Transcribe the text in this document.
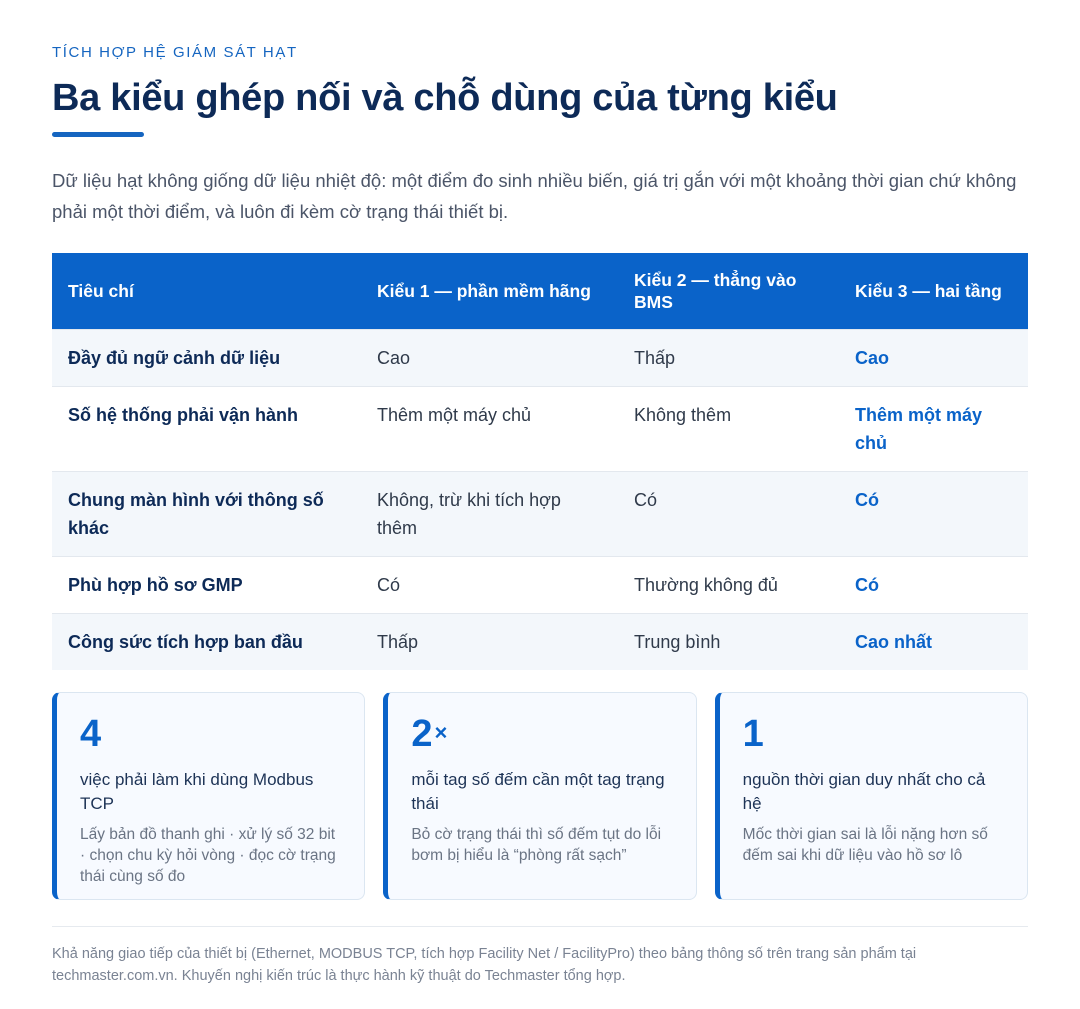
TÍCH HỢP HỆ GIÁM SÁT HẠT
Ba kiểu ghép nối và chỗ dùng của từng kiểu

Dữ liệu hạt không giống dữ liệu nhiệt độ: một điểm đo sinh nhiều biến, giá trị gắn với một khoảng thời gian chứ không phải một thời điểm, và luôn đi kèm cờ trạng thái thiết bị.

Tiêu chí	Kiểu 1 — phần mềm hãng	Kiểu 2 — thẳng vào BMS	Kiểu 3 — hai tầng
Đầy đủ ngữ cảnh dữ liệu	Cao	Thấp	Cao
Số hệ thống phải vận hành	Thêm một máy chủ	Không thêm	Thêm một máy chủ
Chung màn hình với thông số khác	Không, trừ khi tích hợp thêm	Có	Có
Phù hợp hồ sơ GMP	Có	Thường không đủ	Có
Công sức tích hợp ban đầu	Thấp	Trung bình	Cao nhất
4
việc phải làm khi dùng Modbus TCP
Lấy bản đồ thanh ghi · xử lý số 32 bit · chọn chu kỳ hỏi vòng · đọc cờ trạng thái cùng số đo
2×
mỗi tag số đếm cần một tag trạng thái
Bỏ cờ trạng thái thì số đếm tụt do lỗi bơm bị hiểu là “phòng rất sạch”
1
nguồn thời gian duy nhất cho cả hệ
Mốc thời gian sai là lỗi nặng hơn số đếm sai khi dữ liệu vào hồ sơ lô

Khả năng giao tiếp của thiết bị (Ethernet, MODBUS TCP, tích hợp Facility Net / FacilityPro) theo bảng thông số trên trang sản phẩm tại techmaster.com.vn. Khuyến nghị kiến trúc là thực hành kỹ thuật do Techmaster tổng hợp.
